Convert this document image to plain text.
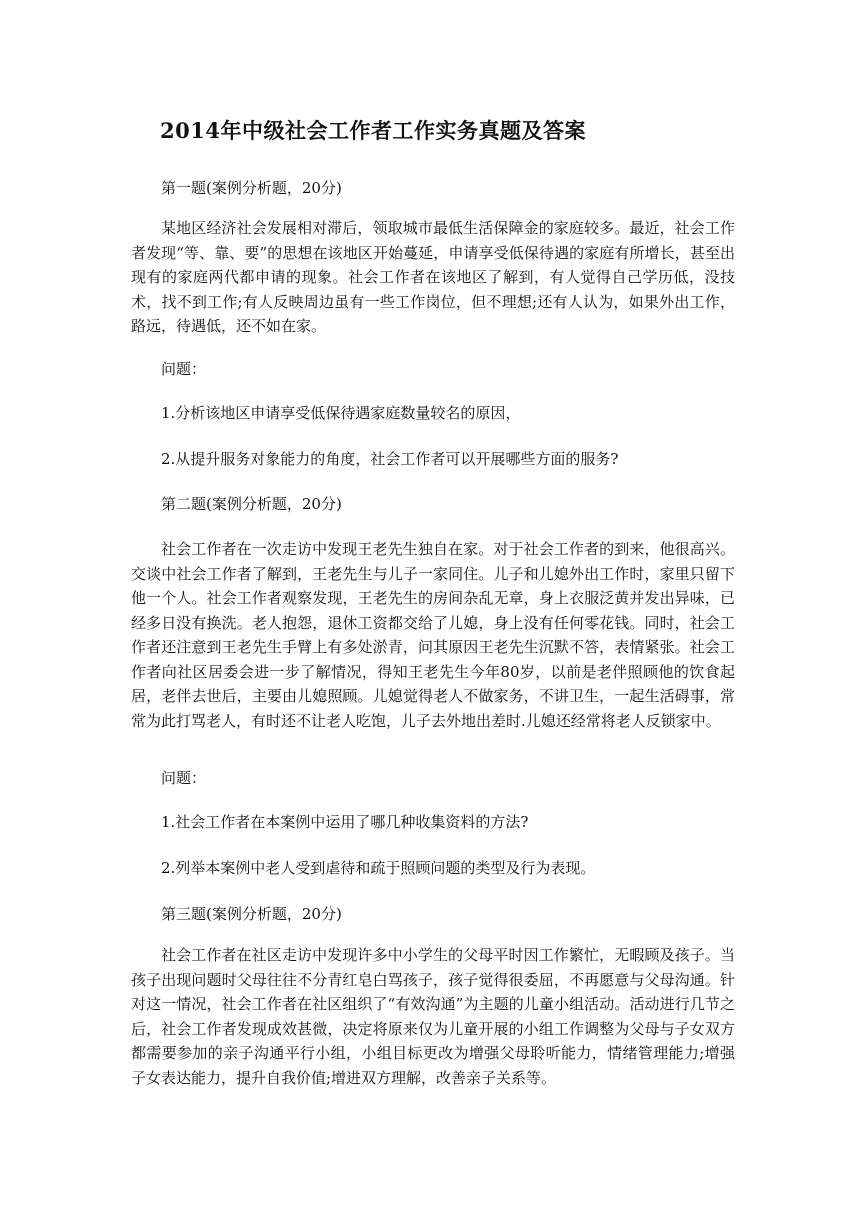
2014年中级社会工作者工作实务真题及答案
第一题(案例分析题，20分)
某地区经济社会发展相对滞后，领取城市最低生活保障金的家庭较多。最近，社会工作者发现“等、靠、要”的思想在该地区开始蔓延，申请享受低保待遇的家庭有所增长，甚至出现有的家庭两代都申请的现象。社会工作者在该地区了解到，有人觉得自己学历低，没技术，找不到工作;有人反映周边虽有一些工作岗位，但不理想;还有人认为，如果外出工作，路远，待遇低，还不如在家。
问题：
1.分析该地区申请享受低保待遇家庭数量较名的原因，
2.从提升服务对象能力的角度，社会工作者可以开展哪些方面的服务?
第二题(案例分析题，20分)
社会工作者在一次走访中发现王老先生独自在家。对于社会工作者的到来，他很高兴。交谈中社会工作者了解到，王老先生与儿子一家同住。儿子和儿媳外出工作时，家里只留下他一个人。社会工作者观察发现，王老先生的房间杂乱无章，身上衣服泛黄并发出异味，已经多日没有换洗。老人抱怨，退休工资都交给了儿媳，身上没有任何零花钱。同时，社会工作者还注意到王老先生手臂上有多处淤青，问其原因王老先生沉默不答，表情紧张。社会工作者向社区居委会进一步了解情况，得知王老先生今年80岁，以前是老伴照顾他的饮食起居，老伴去世后，主要由儿媳照顾。儿媳觉得老人不做家务，不讲卫生，一起生活碍事，常常为此打骂老人，有时还不让老人吃饱，儿子去外地出差时.儿媳还经常将老人反锁家中。
问题：
1.社会工作者在本案例中运用了哪几种收集资料的方法?
2.列举本案例中老人受到虐待和疏于照顾问题的类型及行为表现。
第三题(案例分析题，20分)
社会工作者在社区走访中发现许多中小学生的父母平时因工作繁忙，无暇顾及孩子。当孩子出现问题时父母往往不分青红皂白骂孩子，孩子觉得很委屈，不再愿意与父母沟通。针对这一情况，社会工作者在社区组织了“有效沟通”为主题的儿童小组活动。活动进行几节之后，社会工作者发现成效甚微，决定将原来仅为儿童开展的小组工作调整为父母与子女双方都需要参加的亲子沟通平行小组，小组目标更改为增强父母聆听能力，情绪管理能力;增强子女表达能力，提升自我价值;增进双方理解，改善亲子关系等。
